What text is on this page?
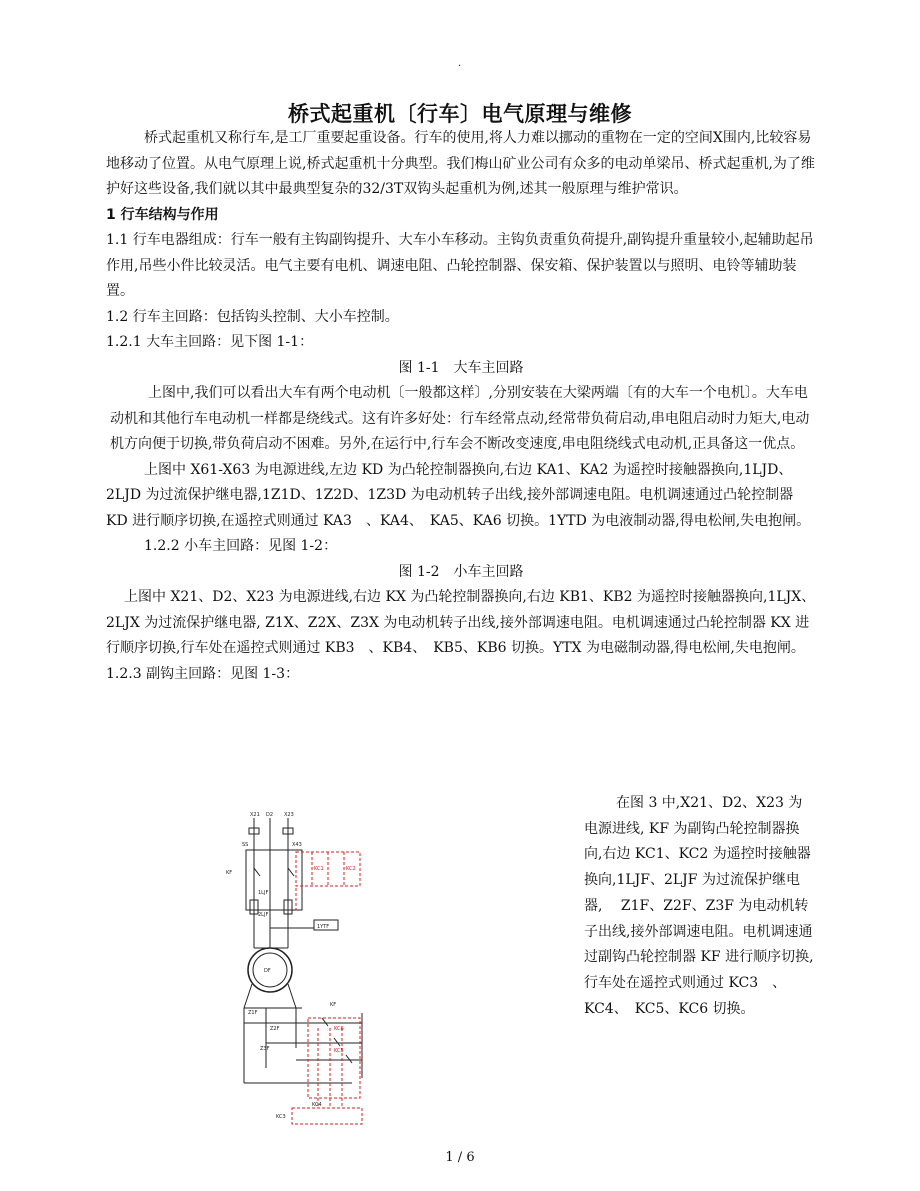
.
桥式起重机〔行车〕电气原理与维修

桥式起重机又称行车,是工厂重要起重设备。行车的使用,将人力难以挪动的重物在一定的空间X围内,比较容易地移动了位置。从电气原理上说,桥式起重机十分典型。我们梅山矿业公司有众多的电动单梁吊、桥式起重机,为了维护好这些设备,我们就以其中最典型复杂的32/3T双钩头起重机为例,述其一般原理与维护常识。

1 行车结构与作用

1.1 行车电器组成：行车一般有主钩副钩提升、大车小车移动。主钩负责重负荷提升,副钩提升重量较小,起辅助起吊作用,吊些小件比较灵活。电气主要有电机、调速电阻、凸轮控制器、保安箱、保护装置以与照明、电铃等辅助装置。

1.2 行车主回路：包括钩头控制、大小车控制。

1.2.1 大车主回路：见下图 1-1：

图 1-1　大车主回路

上图中,我们可以看出大车有两个电动机〔一般都这样〕,分别安装在大梁两端〔有的大车一个电机〕。大车电动机和其他行车电动机一样都是绕线式。这有许多好处：行车经常点动,经常带负荷启动,串电阻启动时力矩大,电动机方向便于切换,带负荷启动不困难。另外,在运行中,行车会不断改变速度,串电阻绕线式电动机,正具备这一优点。

上图中 X61-X63 为电源进线,左边 KD 为凸轮控制器换向,右边 KA1、KA2 为遥控时接触器换向,1LJD、2LJD 为过流保护继电器,1Z1D、1Z2D、1Z3D 为电动机转子出线,接外部调速电阻。电机调速通过凸轮控制器 KD 进行顺序切换,在遥控式则通过 KA3　、KA4、　KA5、KA6 切换。1YTD 为电液制动器,得电松闸,失电抱闸。

1.2.2 小车主回路：见图 1-2：

图 1-2　小车主回路

上图中 X21、D2、X23 为电源进线,右边 KX 为凸轮控制器换向,右边 KB1、KB2 为遥控时接触器换向,1LJX、2LJX 为过流保护继电器, Z1X、Z2X、Z3X 为电动机转子出线,接外部调速电阻。电机调速通过凸轮控制器 KX 进行顺序切换,行车处在遥控式则通过 KB3　、KB4、　KB5、KB6 切换。YTX 为电磁制动器,得电松闸,失电抱闸。

1.2.3 副钩主回路：见图 1-3：

在图 3 中,X21、D2、X23 为电源进线, KF 为副钩凸轮控制器换向,右边 KC1、KC2 为遥控时接触器换向,1LJF、2LJF 为过流保护继电器, 　Z1F、Z2F、Z3F 为电动机转子出线,接外部调速电阻。电机调速通过副钩凸轮控制器 KF 进行顺序切换,行车处在遥控式则通过 KC3　、KC4、　KC5、KC6 切换。

X21 D2 X23
SS	X43
KF
KC1	KC2
1LJF
2LJF
1YTF
DF
Z1F
Z2F
Z3F
KF
KC6
KC5
KC3
KC4
1 / 6
